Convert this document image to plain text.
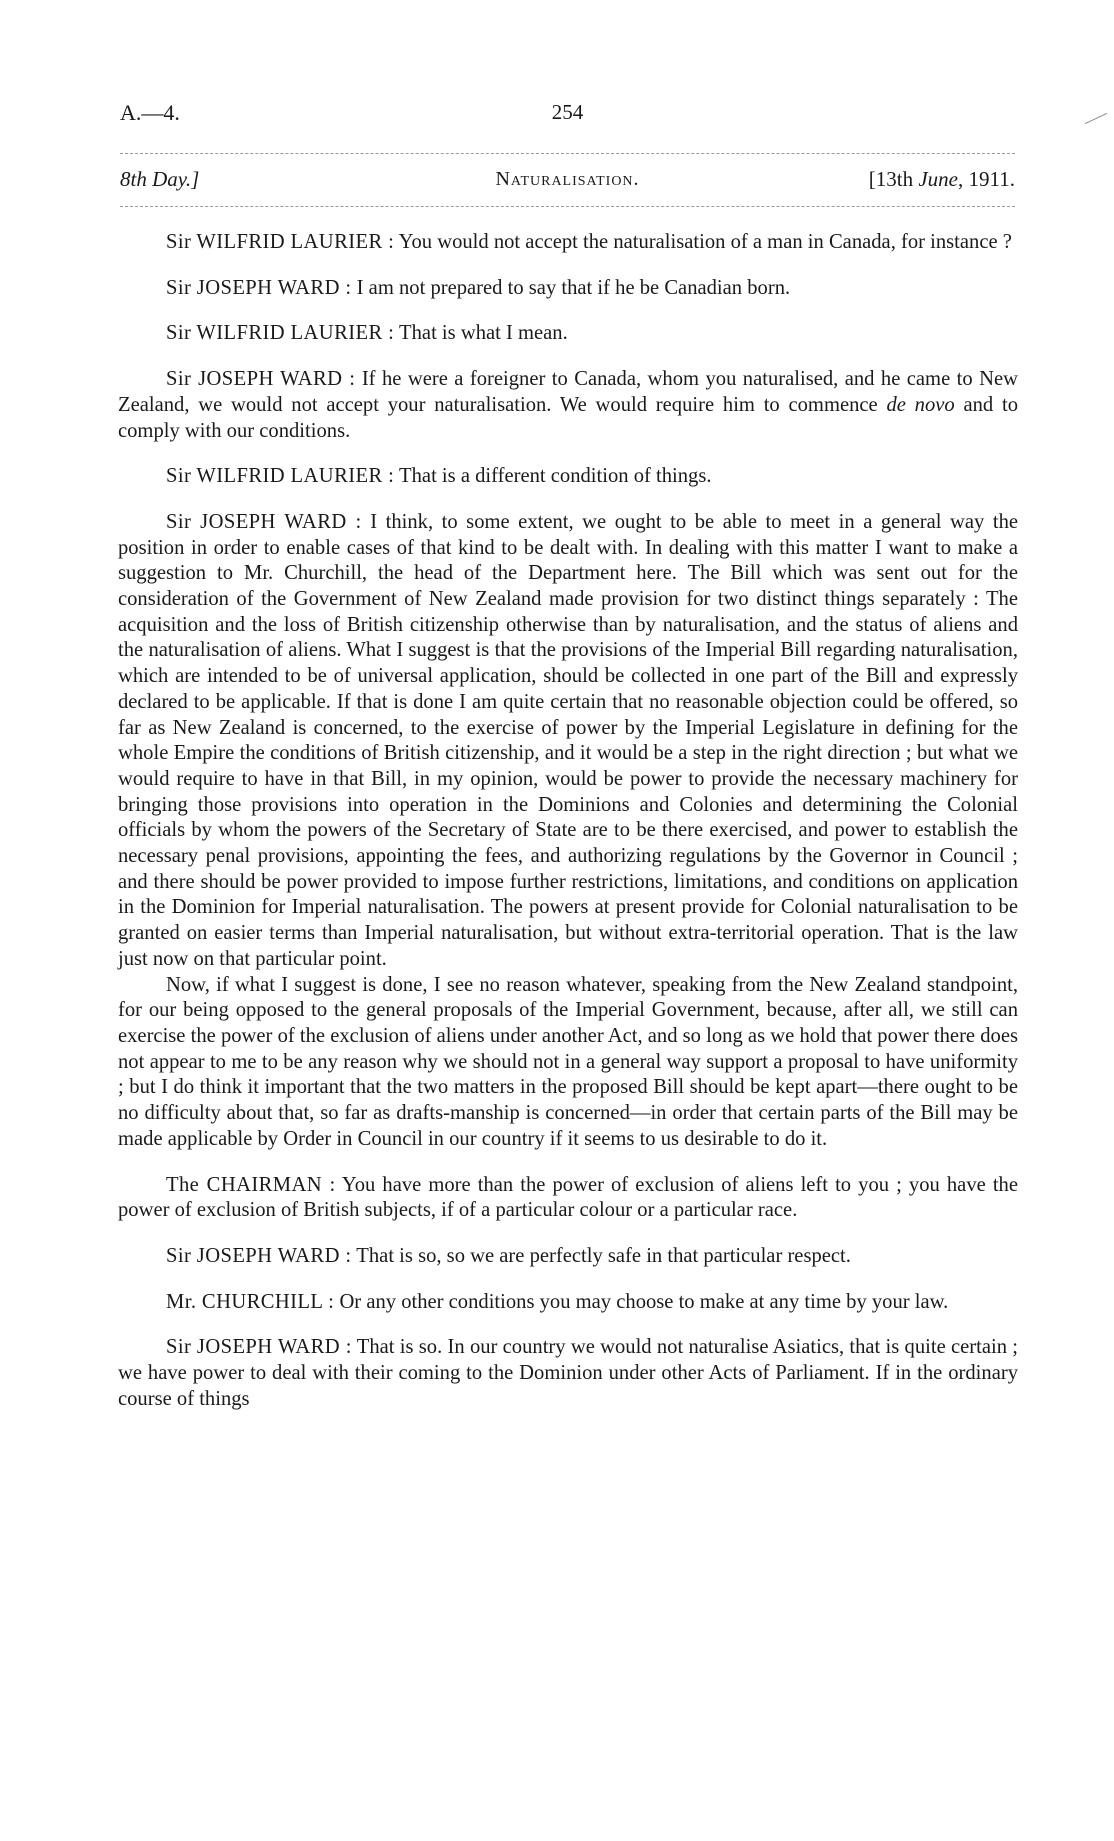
A.—4.	254
8th Day.]	Naturalisation.	[13th June, 1911.

Sir WILFRID LAURIER : You would not accept the naturalisation of a man in Canada, for instance ?

Sir JOSEPH WARD : I am not prepared to say that if he be Canadian born.

Sir WILFRID LAURIER : That is what I mean.

Sir JOSEPH WARD : If he were a foreigner to Canada, whom you naturalised, and he came to New Zealand, we would not accept your naturalisation. We would require him to commence de novo and to comply with our conditions.

Sir WILFRID LAURIER : That is a different condition of things.

Sir JOSEPH WARD : I think, to some extent, we ought to be able to meet in a general way the position in order to enable cases of that kind to be dealt with. In dealing with this matter I want to make a suggestion to Mr. Churchill, the head of the Department here. The Bill which was sent out for the consideration of the Government of New Zealand made provision for two distinct things separately : The acquisition and the loss of British citizenship otherwise than by naturalisation, and the status of aliens and the naturalisation of aliens. What I suggest is that the provisions of the Imperial Bill regarding naturalisation, which are intended to be of universal application, should be collected in one part of the Bill and expressly declared to be applicable. If that is done I am quite certain that no reasonable objection could be offered, so far as New Zealand is concerned, to the exercise of power by the Imperial Legislature in defining for the whole Empire the conditions of British citizenship, and it would be a step in the right direction ; but what we would require to have in that Bill, in my opinion, would be power to provide the necessary machinery for bringing those provisions into operation in the Dominions and Colonies and determining the Colonial officials by whom the powers of the Secretary of State are to be there exercised, and power to establish the necessary penal provisions, appointing the fees, and authorizing regulations by the Governor in Council ; and there should be power provided to impose further restrictions, limitations, and conditions on application in the Dominion for Imperial naturalisation. The powers at present provide for Colonial naturalisation to be granted on easier terms than Imperial naturalisation, but without extra-territorial operation. That is the law just now on that particular point.

Now, if what I suggest is done, I see no reason whatever, speaking from the New Zealand standpoint, for our being opposed to the general proposals of the Imperial Government, because, after all, we still can exercise the power of the exclusion of aliens under another Act, and so long as we hold that power there does not appear to me to be any reason why we should not in a general way support a proposal to have uniformity ; but I do think it important that the two matters in the proposed Bill should be kept apart—there ought to be no difficulty about that, so far as drafts-manship is concerned—in order that certain parts of the Bill may be made applicable by Order in Council in our country if it seems to us desirable to do it.

The CHAIRMAN : You have more than the power of exclusion of aliens left to you ; you have the power of exclusion of British subjects, if of a particular colour or a particular race.

Sir JOSEPH WARD : That is so, so we are perfectly safe in that particular respect.

Mr. CHURCHILL : Or any other conditions you may choose to make at any time by your law.

Sir JOSEPH WARD : That is so. In our country we would not naturalise Asiatics, that is quite certain ; we have power to deal with their coming to the Dominion under other Acts of Parliament. If in the ordinary course of things
